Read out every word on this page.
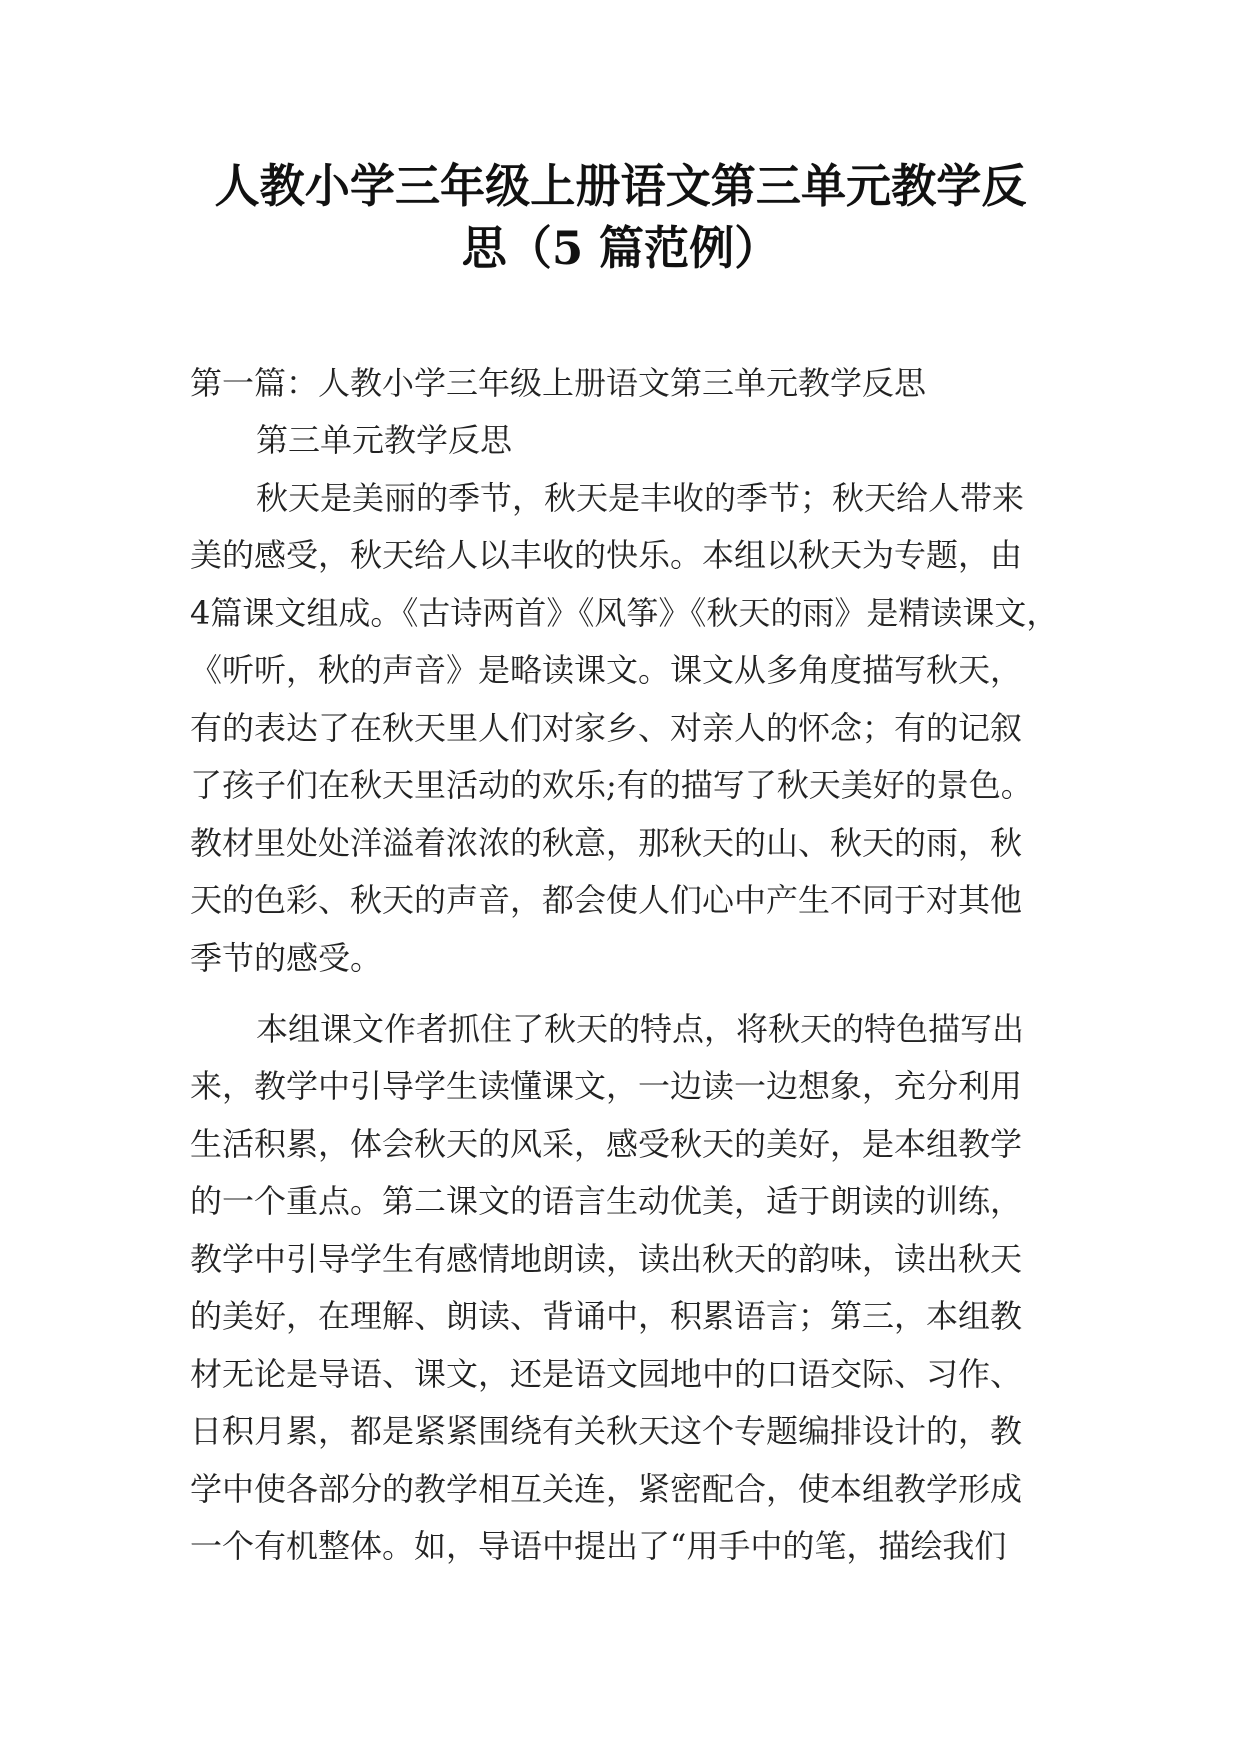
人教小学三年级上册语文第三单元教学反
思（5 篇范例）

第一篇：人教小学三年级上册语文第三单元教学反思

第三单元教学反思

秋天是美丽的季节，秋天是丰收的季节；秋天给人带来

美的感受，秋天给人以丰收的快乐。本组以秋天为专题，由

4篇课文组成。《古诗两首》《风筝》《秋天的雨》是精读课文，

《听听，秋的声音》是略读课文。课文从多角度描写秋天，

有的表达了在秋天里人们对家乡、对亲人的怀念；有的记叙

了孩子们在秋天里活动的欢乐;有的描写了秋天美好的景色。

教材里处处洋溢着浓浓的秋意，那秋天的山、秋天的雨，秋

天的色彩、秋天的声音，都会使人们心中产生不同于对其他

季节的感受。

本组课文作者抓住了秋天的特点，将秋天的特色描写出

来，教学中引导学生读懂课文，一边读一边想象，充分利用

生活积累，体会秋天的风采，感受秋天的美好，是本组教学

的一个重点。第二课文的语言生动优美，适于朗读的训练，

教学中引导学生有感情地朗读，读出秋天的韵味，读出秋天

的美好，在理解、朗读、背诵中，积累语言；第三，本组教

材无论是导语、课文，还是语文园地中的口语交际、习作、

日积月累，都是紧紧围绕有关秋天这个专题编排设计的，教

学中使各部分的教学相互关连，紧密配合，使本组教学形成

一个有机整体。如，导语中提出了“用手中的笔，描绘我们
